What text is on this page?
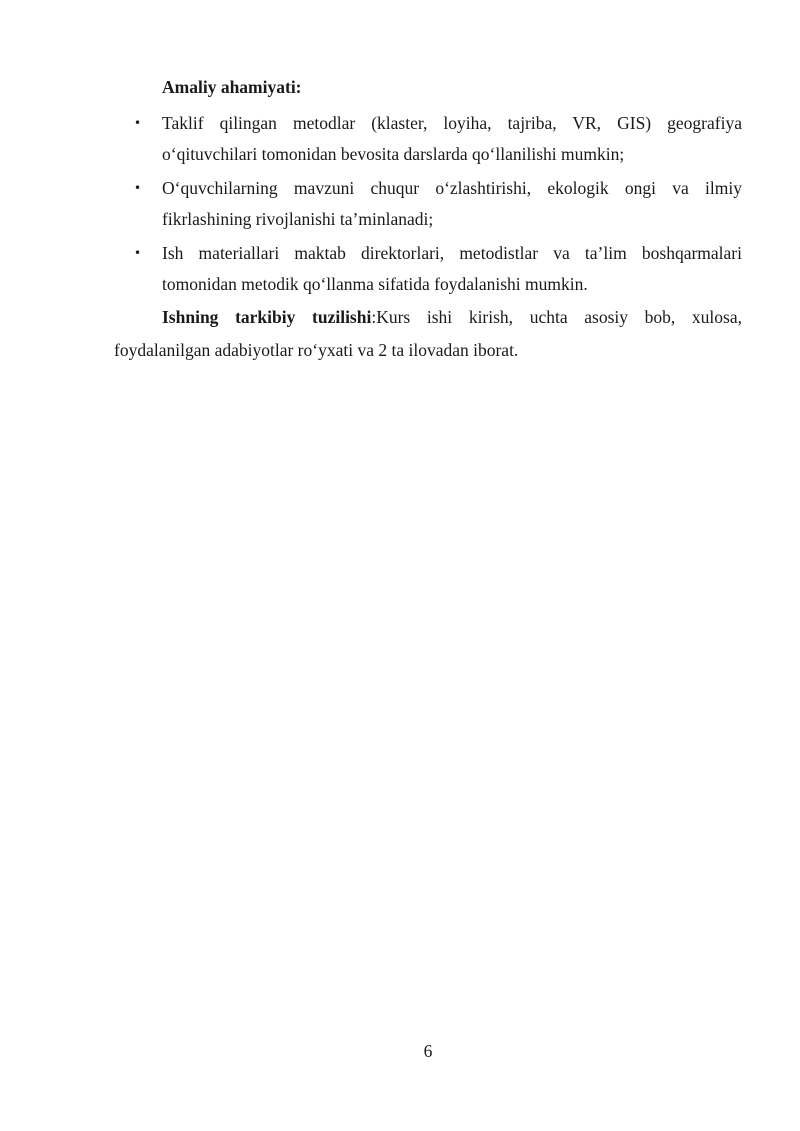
Amaliy ahamiyati:
•	Taklif qilingan metodlar (klaster, loyiha, tajriba, VR, GIS) geografiya o‘qituvchilari tomonidan bevosita darslarda qo‘llanilishi mumkin;
•	O‘quvchilarning mavzuni chuqur o‘zlashtirishi, ekologik ongi va ilmiy fikrlashining rivojlanishi ta’minlanadi;
•	Ish materiallari maktab direktorlari, metodistlar va ta’lim boshqarmalari tomonidan metodik qo‘llanma sifatida foydalanishi mumkin.

Ishning tarkibiy tuzilishi:Kurs ishi kirish, uchta asosiy bob, xulosa, foydalanilgan adabiyotlar ro‘yxati va 2 ta ilovadan iborat.

6
